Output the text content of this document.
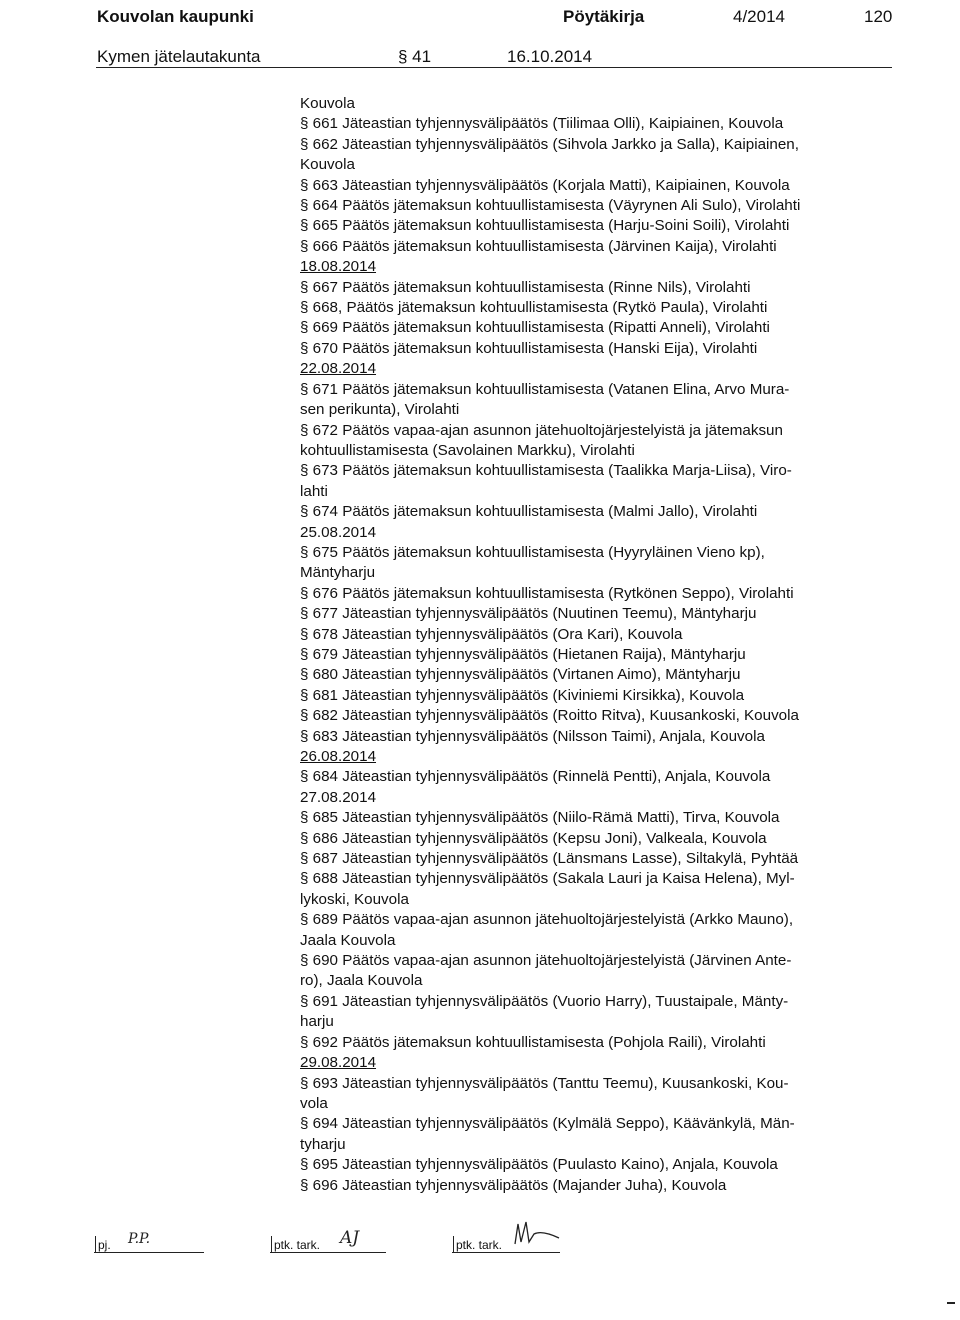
Kouvolan kaupunki	Pöytäkirja	4/2014	120
Kymen jätelautakunta	§ 41	16.10.2014
Kouvola
§ 661 Jäteastian tyhjennysvälipäätös (Tiilimaa Olli), Kaipiainen, Kouvola
§ 662 Jäteastian tyhjennysvälipäätös (Sihvola Jarkko ja Salla), Kaipiainen,
Kouvola
§ 663 Jäteastian tyhjennysvälipäätös (Korjala Matti), Kaipiainen, Kouvola
§ 664 Päätös jätemaksun kohtuullistamisesta (Väyrynen Ali Sulo), Virolahti
§ 665 Päätös jätemaksun kohtuullistamisesta (Harju-Soini Soili), Virolahti
§ 666 Päätös jätemaksun kohtuullistamisesta (Järvinen Kaija), Virolahti
18.08.2014
§ 667 Päätös jätemaksun kohtuullistamisesta (Rinne Nils), Virolahti
§ 668, Päätös jätemaksun kohtuullistamisesta (Rytkö Paula), Virolahti
§ 669 Päätös jätemaksun kohtuullistamisesta (Ripatti Anneli), Virolahti
§ 670 Päätös jätemaksun kohtuullistamisesta (Hanski Eija), Virolahti
22.08.2014
§ 671 Päätös jätemaksun kohtuullistamisesta (Vatanen Elina, Arvo Mura-
sen perikunta), Virolahti
§ 672 Päätös vapaa-ajan asunnon jätehuoltojärjestelyistä ja jätemaksun
kohtuullistamisesta (Savolainen Markku), Virolahti
§ 673 Päätös jätemaksun kohtuullistamisesta (Taalikka Marja-Liisa), Viro-
lahti
§ 674 Päätös jätemaksun kohtuullistamisesta (Malmi Jallo), Virolahti
25.08.2014
§ 675 Päätös jätemaksun kohtuullistamisesta (Hyyryläinen Vieno kp),
Mäntyharju
§ 676 Päätös jätemaksun kohtuullistamisesta (Rytkönen Seppo), Virolahti
§ 677 Jäteastian tyhjennysvälipäätös (Nuutinen Teemu), Mäntyharju
§ 678 Jäteastian tyhjennysvälipäätös (Ora Kari), Kouvola
§ 679 Jäteastian tyhjennysvälipäätös (Hietanen Raija), Mäntyharju
§ 680 Jäteastian tyhjennysvälipäätös (Virtanen Aimo), Mäntyharju
§ 681 Jäteastian tyhjennysvälipäätös (Kiviniemi Kirsikka), Kouvola
§ 682 Jäteastian tyhjennysvälipäätös (Roitto Ritva), Kuusankoski, Kouvola
§ 683 Jäteastian tyhjennysvälipäätös (Nilsson Taimi), Anjala, Kouvola
26.08.2014
§ 684 Jäteastian tyhjennysvälipäätös (Rinnelä Pentti), Anjala, Kouvola
27.08.2014
§ 685 Jäteastian tyhjennysvälipäätös (Niilo-Rämä Matti), Tirva, Kouvola
§ 686 Jäteastian tyhjennysvälipäätös (Kepsu Joni), Valkeala, Kouvola
§ 687 Jäteastian tyhjennysvälipäätös (Länsmans Lasse), Siltakylä, Pyhtää
§ 688 Jäteastian tyhjennysvälipäätös (Sakala Lauri ja Kaisa Helena), Myl-
lykoski, Kouvola
§ 689 Päätös vapaa-ajan asunnon jätehuoltojärjestelyistä (Arkko Mauno),
Jaala Kouvola
§ 690 Päätös vapaa-ajan asunnon jätehuoltojärjestelyistä (Järvinen Ante-
ro), Jaala Kouvola
§ 691 Jäteastian tyhjennysvälipäätös (Vuorio Harry), Tuustaipale, Mänty-
harju
§ 692 Päätös jätemaksun kohtuullistamisesta (Pohjola Raili), Virolahti
29.08.2014
§ 693 Jäteastian tyhjennysvälipäätös (Tanttu Teemu), Kuusankoski, Kou-
vola
§ 694 Jäteastian tyhjennysvälipäätös (Kylmälä Seppo), Käävänkylä, Män-
tyharju
§ 695 Jäteastian tyhjennysvälipäätös (Puulasto Kaino), Anjala, Kouvola
§ 696 Jäteastian tyhjennysvälipäätös (Majander Juha), Kouvola
pj. P.P.	ptk. tark. AJ	ptk. tark.
